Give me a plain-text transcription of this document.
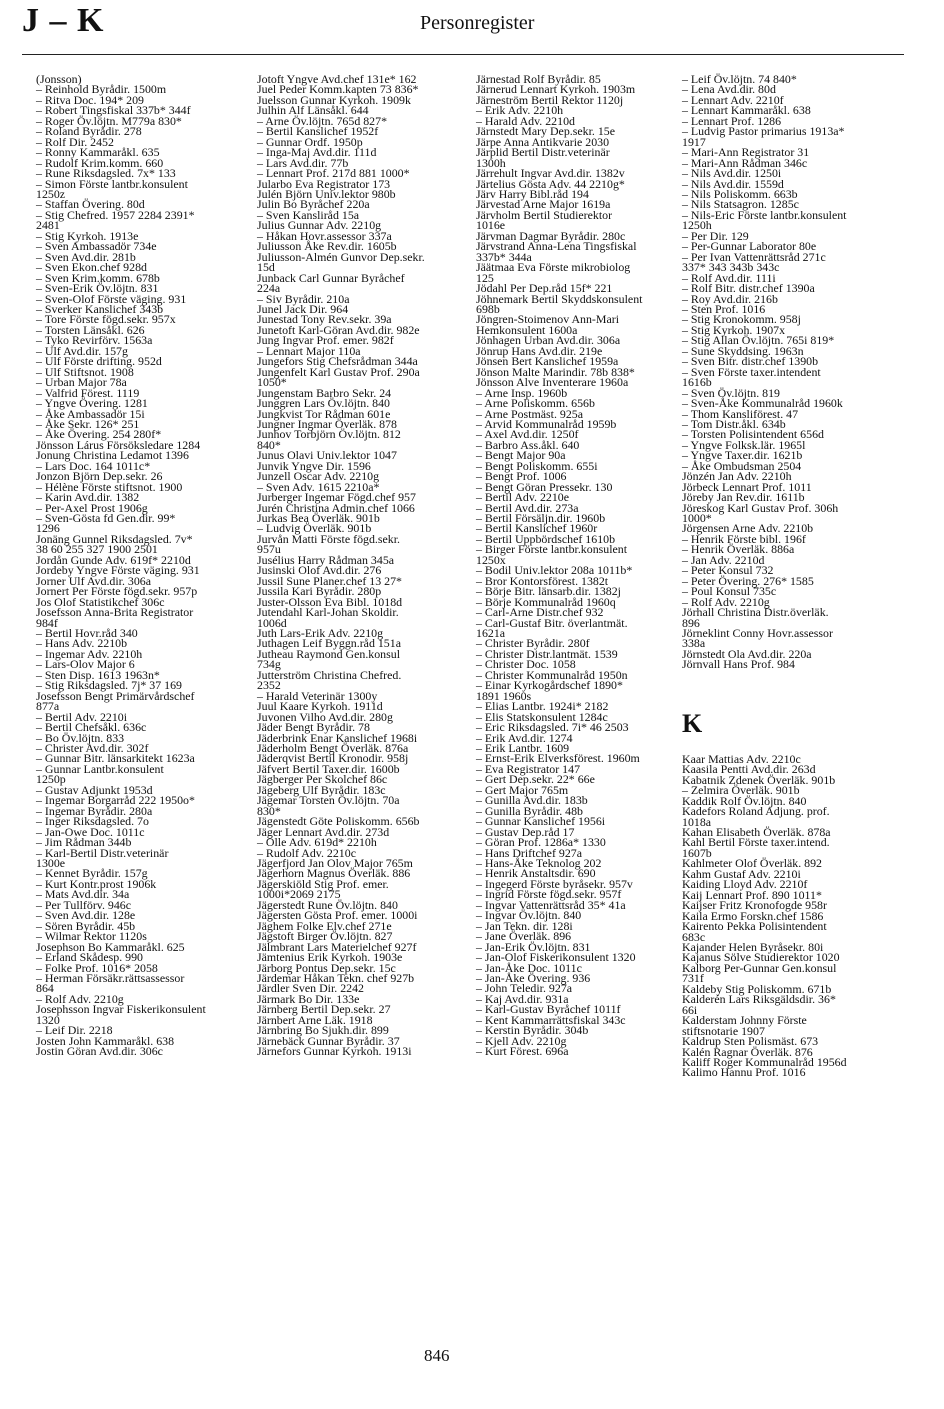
J – K	Personregister
(Jonsson)
– Reinhold Byrådir. 1500m
– Ritva Doc. 194* 209
– Robert Tingsfiskal 337b* 344f
– Roger Öv.löjtn. M779a 830*
– Roland Byrådir. 278
– Rolf Dir. 2452
– Ronny Kammaråkl. 635
– Rudolf Krim.komm. 660
– Rune Riksdagsled. 7x* 133
– Simon Förste lantbr.konsulent
1250z
– Staffan Övering. 80d
– Stig Chefred. 1957 2284 2391*
2481
– Stig Kyrkoh. 1913e
– Sven Ambassadör 734e
– Sven Avd.dir. 281b
– Sven Ekon.chef 928d
– Sven Krim.komm. 678b
– Sven-Erik Öv.löjtn. 831
– Sven-Olof Förste väging. 931
– Sverker Kanslichef 343b
– Tore Förste fögd.sekr. 957x
– Torsten Länsåkl. 626
– Tyko Revirförv. 1563a
– Ulf Avd.dir. 157g
– Ulf Förste drifting. 952d
– Ulf Stiftsnot. 1908
– Urban Major 78a
– Valfrid Förest. 1119
– Yngve Övering. 1281
– Åke Ambassadör 15i
– Åke Sekr. 126* 251
– Åke Övering. 254 280f*
Jönsson Lárus Försöksledare 1284
Jonung Christina Ledamot 1396
– Lars Doc. 164 1011c*
Jonzon Björn Dep.sekr. 26
– Hélène Förste stiftsnot. 1900
– Karin Avd.dir. 1382
– Per-Axel Prost 1906g
– Sven-Gösta fd Gen.dir. 99*
1296
Jonäng Gunnel Riksdagsled. 7v*
38 60 255 327 1900 2501
Jordån Gunde Adv. 619f* 2210d
Jordeby Yngve Förste väging. 931
Jorner Ulf Avd.dir. 306a
Jornert Per Förste fögd.sekr. 957p
Jos Olof Statistikchef 306c
Josefsson Anna-Brita Registrator
984f
– Bertil Hovr.råd 340
– Hans Adv. 2210b
– Ingemar Adv. 2210h
– Lars-Olov Major 6
– Sten Disp. 1613 1963n*
– Stig Riksdagsled. 7j* 37 169
Josefsson Bengt Primärvårdschef
877a
– Bertil Adv. 2210i
– Bertil Chefsåkl. 636c
– Bo Öv.löjtn. 833
– Christer Avd.dir. 302f
– Gunnar Bitr. länsarkitekt 1623a
– Gunnar Lantbr.konsulent
1250p
– Gustav Adjunkt 1953d
– Ingemar Borgarråd 222 1950o*
– Ingemar Byrådir. 280a
– Inger Riksdagsled. 7o
– Jan-Owe Doc. 1011c
– Jim Rådman 344b
– Karl-Bertil Distr.veterinär
1300e
– Kennet Byrådir. 157g
– Kurt Kontr.prost 1906k
– Mats Avd.dir. 34a
– Per Tullförv. 946c
– Sven Avd.dir. 128e
– Sören Byrådir. 45b
– Wilmar Rektor 1120s
Josephson Bo Kammaråkl. 625
– Erland Skådesp. 990
– Folke Prof. 1016* 2058
– Herman Försäkr.rättsassessor
864
– Rolf Adv. 2210g
Josephsson Ingvar Fiskerikonsulent
1320
– Leif Dir. 2218
Josten John Kammaråkl. 638
Jostin Göran Avd.dir. 306c
Jotoft Yngve Avd.chef 131e* 162
Juel Peder Komm.kapten 73 836*
Juelsson Gunnar Kyrkoh. 1909k
Julhin Alf Länsåkl. 644
– Arne Öv.löjtn. 765d 827*
– Bertil Kanslichef 1952f
– Gunnar Ordf. 1950p
– Inga-Maj Avd.dir. 111d
– Lars Avd.dir. 77b
– Lennart Prof. 217d 881 1000*
Jularbo Eva Registrator 173
Julén Björn Univ.lektor 980b
Julin Bo Byråchef 220a
– Sven Kansliråd 15a
Julius Gunnar Adv. 2210g
– Håkan Hovr.assessor 337a
Juliusson Åke Rev.dir. 1605b
Juliusson-Almén Gunvor Dep.sekr.
15d
Junback Carl Gunnar Byråchef
224a
– Siv Byrådir. 210a
Junel Jack Dir. 964
Junestad Tony Rev.sekr. 39a
Junetoft Karl-Göran Avd.dir. 982e
Jung Ingvar Prof. emer. 982f
– Lennart Major 110a
Jungefors Stig Chefsrådman 344a
Jungenfelt Karl Gustav Prof. 290a
1050*
Jungenstam Barbro Sekr. 24
Junggren Lars Öv.löjtn. 840
Jungkvist Tor Rådman 601e
Jungner Ingmar Överläk. 878
Junhov Torbjörn Öv.löjtn. 812
840*
Junus Olavi Univ.lektor 1047
Junvik Yngve Dir. 1596
Junzell Oscar Adv. 2210g
– Sven Adv. 1615 2210a*
Jurberger Ingemar Fögd.chef 957
Jurén Christina Admin.chef 1066
Jurkas Bea Överläk. 901b
– Ludvig Överläk. 901b
Jurvån Matti Förste fögd.sekr.
957u
Jusélius Harry Rådman 345a
Jusinski Olof Avd.dir. 276
Jussil Sune Planer.chef 13 27*
Jussila Kari Byrådir. 280p
Juster-Olsson Eva Bibl. 1018d
Jutendahl Karl-Johan Skoldir.
1006d
Juth Lars-Erik Adv. 2210g
Juthagen Leif Byggn.råd 151a
Jutheau Raymond Gen.konsul
734g
Jutterström Christina Chefred.
2352
– Harald Veterinär 1300y
Juul Kaare Kyrkoh. 1911d
Juvonen Vilho Avd.dir. 280g
Jäder Bengt Byrådir. 78
Jäderbrink Enar Kanslichef 1968i
Jäderholm Bengt Överläk. 876a
Jäderqvist Bertil Kronodir. 958j
Jäfvert Bertil Taxer.dir. 1600b
Jägberger Per Skolchef 86c
Jägeberg Ulf Byrådir. 183c
Jägemar Torsten Öv.löjtn. 70a
830*
Jägenstedt Göte Poliskomm. 656b
Jäger Lennart Avd.dir. 273d
– Olle Adv. 619d* 2210h
– Rudolf Adv. 2210c
Jägerfjord Jan Olov Major 765m
Jägerhorn Magnus Överläk. 886
Jägerskiöld Stig Prof. emer.
1000i*2069 2175
Jägerstedt Rune Öv.löjtn. 840
Jägersten Gösta Prof. emer. 1000i
Jäghem Folke Elv.chef 271e
Jägstoft Birger Öv.löjtn. 827
Jälmbrant Lars Materielchef 927f
Jämtenius Erik Kyrkoh. 1903e
Järborg Pontus Dep.sekr. 15c
Järdemar Håkan Tekn. chef 927b
Järdler Sven Dir. 2242
Järmark Bo Dir. 133e
Järnberg Bertil Dep.sekr. 27
Järnbert Arne Läk. 1918
Järnbring Bo Sjukh.dir. 899
Järnebäck Gunnar Byrådir. 37
Järnefors Gunnar Kyrkoh. 1913i
Järnestad Rolf Byrådir. 85
Järnerud Lennart Kyrkoh. 1903m
Järneström Bertil Rektor 1120j
– Erik Adv. 2210h
– Harald Adv. 2210d
Järnstedt Mary Dep.sekr. 15e
Järpe Anna Antikvarie 2030
Järplid Bertil Distr.veterinär
1300h
Järrehult Ingvar Avd.dir. 1382v
Järtelius Gösta Adv. 44 2210g*
Järv Harry Bibl.råd 194
Järvestad Arne Major 1619a
Järvholm Bertil Studierektor
1016e
Järvman Dagmar Byrådir. 280c
Järvstrand Anna-Lena Tingsfiskal
337b* 344a
Jäätmaa Eva Förste mikrobiolog
125
Jödahl Per Dep.råd 15f* 221
Jöhnemark Bertil Skyddskonsulent
698b
Jöngren-Stoimenov Ann-Mari
Hemkonsulent 1600a
Jönhagen Urban Avd.dir. 306a
Jönrup Hans Avd.dir. 219e
Jönsen Bert Kanslichef 1959a
Jönson Malte Marindir. 78b 838*
Jönsson Alve Inventerare 1960a
– Arne Insp. 1960b
– Arne Poliskomm. 656b
– Arne Postmäst. 925a
– Arvid Kommunalråd 1959b
– Axel Avd.dir. 1250f
– Barbro Ass.åkl. 640
– Bengt Major 90a
– Bengt Poliskomm. 655i
– Bengt Prof. 1006
– Bengt Göran Pressekr. 130
– Bertil Adv. 2210e
– Bertil Avd.dir. 273a
– Bertil Försäljn.dir. 1960b
– Bertil Kanslichef 1960r
– Bertil Uppbördschef 1610b
– Birger Förste lantbr.konsulent
1250x
– Bodil Univ.lektor 208a 1011b*
– Bror Kontorsförest. 1382t
– Börje Bitr. länsarb.dir. 1382j
– Börje Kommunalråd 1960q
– Carl-Arne Distr.chef 932
– Carl-Gustaf Bitr. överlantmät.
1621a
– Christer Byrådir. 280f
– Christer Distr.lantmät. 1539
– Christer Doc. 1058
– Christer Kommunalråd 1950n
– Einar Kyrkogårdschef 1890*
1891 1960s
– Elias Lantbr. 1924i* 2182
– Elis Statskonsulent 1284c
– Eric Riksdagsled. 7i* 46 2503
– Erik Avd.dir. 1274
– Erik Lantbr. 1609
– Ernst-Erik Elverksförest. 1960m
– Eva Registrator 147
– Gert Dep.sekr. 22* 66e
– Gert Major 765m
– Gunilla Avd.dir. 183b
– Gunilla Byrådir. 48b
– Gunnar Kanslichef 1956i
– Gustav Dep.råd 17
– Göran Prof. 1286a* 1330
– Hans Driftchef 927a
– Hans-Åke Teknolog 202
– Henrik Anstaltsdir. 690
– Ingegerd Förste byråsekr. 957v
– Ingrid Förste fögd.sekr. 957f
– Ingvar Vattenrättsråd 35* 41a
– Ingvar Öv.löjtn. 840
– Jan Tekn. dir. 128i
– Jane Överläk. 896
– Jan-Erik Öv.löjtn. 831
– Jan-Olof Fiskerikonsulent 1320
– Jan-Åke Doc. 1011c
– Jan-Åke Övering. 936
– John Teledir. 927a
– Kaj Avd.dir. 931a
– Karl-Gustav Byråchef 1011f
– Kent Kammarrättsfiskal 343c
– Kerstin Byrådir. 304b
– Kjell Adv. 2210g
– Kurt Förest. 696a
– Leif Öv.löjtn. 74 840*
– Lena Avd.dir. 80d
– Lennart Adv. 2210f
– Lennart Kammaråkl. 638
– Lennart Prof. 1286
– Ludvig Pastor primarius 1913a*
1917
– Mari-Ann Registrator 31
– Mari-Ann Rådman 346c
– Nils Avd.dir. 1250i
– Nils Avd.dir. 1559d
– Nils Poliskomm. 663b
– Nils Statsagron. 1285c
– Nils-Eric Förste lantbr.konsulent
1250h
– Per Dir. 129
– Per-Gunnar Laborator 80e
– Per Ivan Vattenrättsråd 271c
337* 343 343b 343c
– Rolf Avd.dir. 111i
– Rolf Bitr. distr.chef 1390a
– Roy Avd.dir. 216b
– Sten Prof. 1016
– Stig Kronokomm. 958j
– Stig Kyrkoh. 1907x
– Stig Allan Öv.löjtn. 765i 819*
– Sune Skyddsing. 1963n
– Sven Bitr. distr.chef 1390b
– Sven Förste taxer.intendent
1616b
– Sven Öv.löjtn. 819
– Sven-Åke Kommunalråd 1960k
– Thom Kansliförest. 47
– Tom Distr.åkl. 634b
– Torsten Polisintendent 656d
– Yngve Folksk.lär. 1965l
– Yngve Taxer.dir. 1621b
– Åke Ombudsman 2504
Jönzén Jan Adv. 2210h
Jörbeck Lennart Prof. 1011
Jöreby Jan Rev.dir. 1611b
Jöreskog Karl Gustav Prof. 306h
1000*
Jörgensen Arne Adv. 2210b
– Henrik Förste bibl. 196f
– Henrik Överläk. 886a
– Jan Adv. 2210d
– Peter Konsul 732
– Peter Övering. 276* 1585
– Poul Konsul 735c
– Rolf Adv. 2210g
Jörhall Christina Distr.överläk.
896
Jörneklint Conny Hovr.assessor
338a
Jörnstedt Ola Avd.dir. 220a
Jörnvall Hans Prof. 984
K
Kaar Mattias Adv. 2210c
Kaasila Pentti Avd.dir. 263d
Kabatnik Zdenek Överläk. 901b
– Zelmira Överläk. 901b
Kaddik Rolf Öv.löjtn. 840
Kadefors Roland Adjung. prof.
1018a
Kahan Elisabeth Överläk. 878a
Kahl Bertil Förste taxer.intend.
1607b
Kahlmeter Olof Överläk. 892
Kahm Gustaf Adv. 2210i
Kaiding Lloyd Adv. 2210f
Kaij Lennart Prof. 890 1011*
Kaijser Fritz Kronofogde 958r
Kaila Ermo Forskn.chef 1586
Kairento Pekka Polisintendent
683c
Kajander Helen Byråsekr. 80i
Kajanus Sölve Studierektor 1020
Kalborg Per-Gunnar Gen.konsul
731f
Kaldeby Stig Poliskomm. 671b
Kalderén Lars Riksgäldsdir. 36*
66i
Kalderstam Johnny Förste
stiftsnotarie 1907
Kaldrup Sten Polismäst. 673
Kalén Ragnar Överläk. 876
Kaliff Roger Kommunalråd 1956d
Kalimo Hannu Prof. 1016
846
